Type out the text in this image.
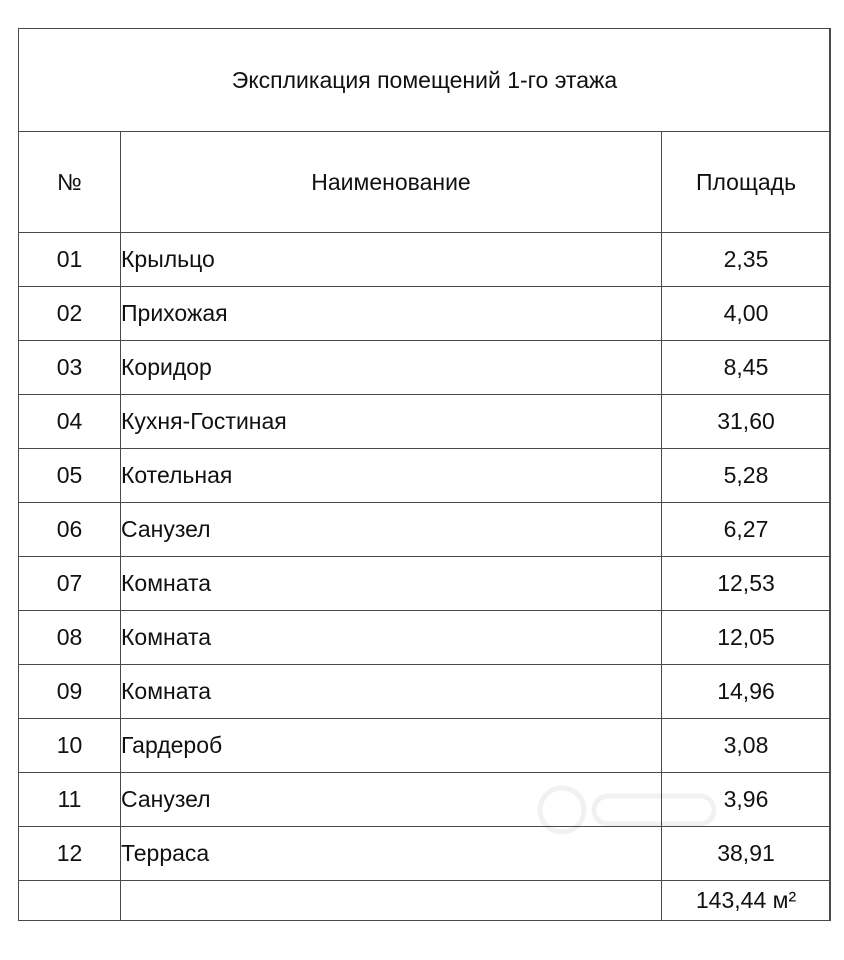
Экспликация помещений 1-го этажа		
№	Наименование	Площадь
01	Крыльцо	2,35
02	Прихожая	4,00
03	Коридор	8,45
04	Кухня-Гостиная	31,60
05	Котельная	5,28
06	Санузел	6,27
07	Комната	12,53
08	Комната	12,05
09	Комната	14,96
10	Гардероб	3,08
11	Санузел	3,96
12	Терраса	38,91
		143,44 м²
